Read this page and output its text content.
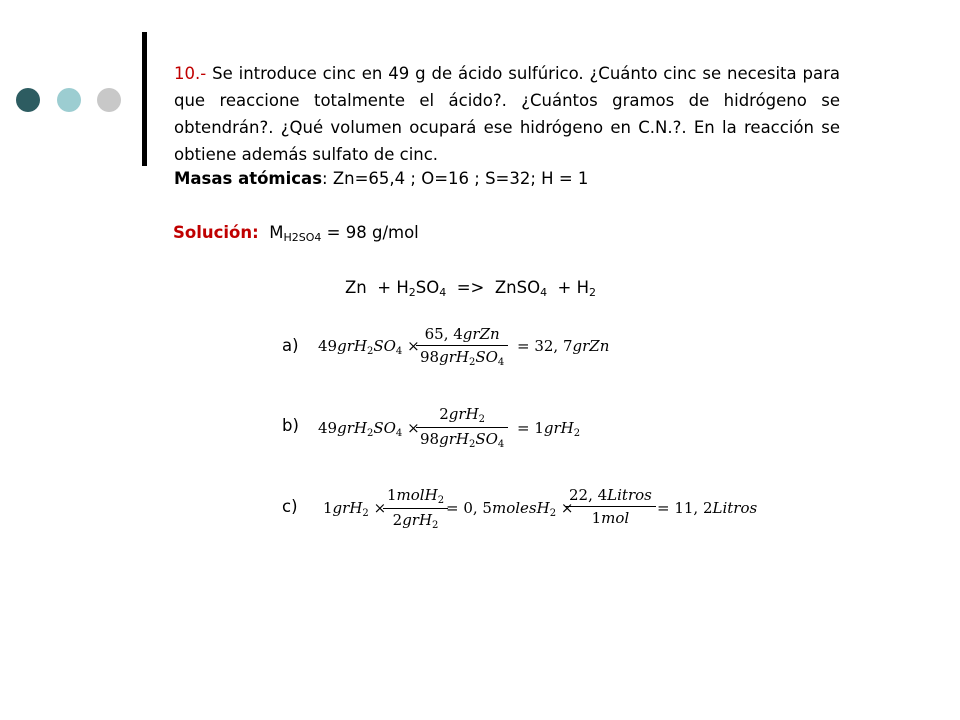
10.- Se introduce cinc en 49 g de ácido sulfúrico. ¿Cuánto cinc se necesita para que reaccione totalmente el ácido?. ¿Cuántos gramos de hidrógeno se obtendrán?. ¿Qué volumen ocupará ese hidrógeno en C.N.?. En la reacción se obtiene además sulfato de cinc.
Masas atómicas: Zn=65,4 ; O=16 ; S=32; H = 1
Solución: $M_{H2SO4} = 98$ g/mol
$Zn + H_2SO_4$  =>  ZnSO$_4$  + $H_2$
a) $49grH_2SO_4$ ×
65, 4grZn
$98grH_2SO_4$
= 32, 7grZn
b) $49grH_2SO_4$ ×
2grH$_2$
$98grH_2SO_4$
= 1grH$_2$
c) 1grH$_2$ ×
1molH$_2$
2grH$_2$
= 0, 5molesH$_2$ ×
22, 4Litros
1mol
= 11, 2Litros
